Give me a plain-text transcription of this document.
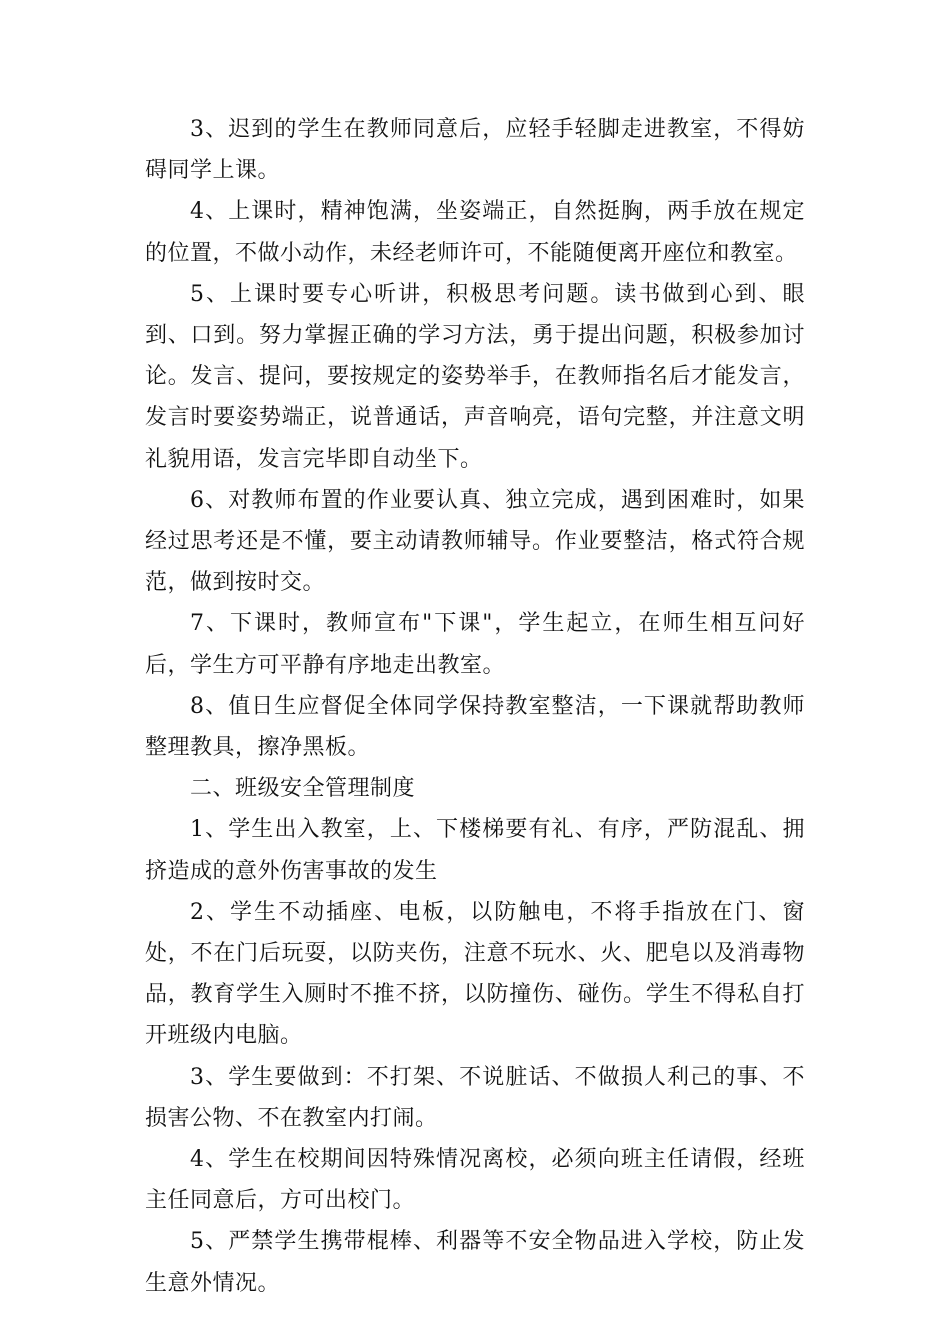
3、迟到的学生在教师同意后，应轻手轻脚走进教室，不得妨碍同学上课。

4、上课时，精神饱满，坐姿端正，自然挺胸，两手放在规定的位置，不做小动作，未经老师许可，不能随便离开座位和教室。

5、上课时要专心听讲，积极思考问题。读书做到心到、眼到、口到。努力掌握正确的学习方法，勇于提出问题，积极参加讨论。发言、提问，要按规定的姿势举手，在教师指名后才能发言，发言时要姿势端正，说普通话，声音响亮，语句完整，并注意文明礼貌用语，发言完毕即自动坐下。

6、对教师布置的作业要认真、独立完成，遇到困难时，如果经过思考还是不懂，要主动请教师辅导。作业要整洁，格式符合规范，做到按时交。

7、下课时，教师宣布"下课"，学生起立，在师生相互问好后，学生方可平静有序地走出教室。

8、值日生应督促全体同学保持教室整洁，一下课就帮助教师整理教具，擦净黑板。

二、班级安全管理制度

1、学生出入教室，上、下楼梯要有礼、有序，严防混乱、拥挤造成的意外伤害事故的发生

2、学生不动插座、电板，以防触电，不将手指放在门、窗处，不在门后玩耍，以防夹伤，注意不玩水、火、肥皂以及消毒物品，教育学生入厕时不推不挤，以防撞伤、碰伤。学生不得私自打开班级内电脑。

3、学生要做到：不打架、不说脏话、不做损人利己的事、不损害公物、不在教室内打闹。

4、学生在校期间因特殊情况离校，必须向班主任请假，经班主任同意后，方可出校门。

5、严禁学生携带棍棒、利器等不安全物品进入学校，防止发生意外情况。
